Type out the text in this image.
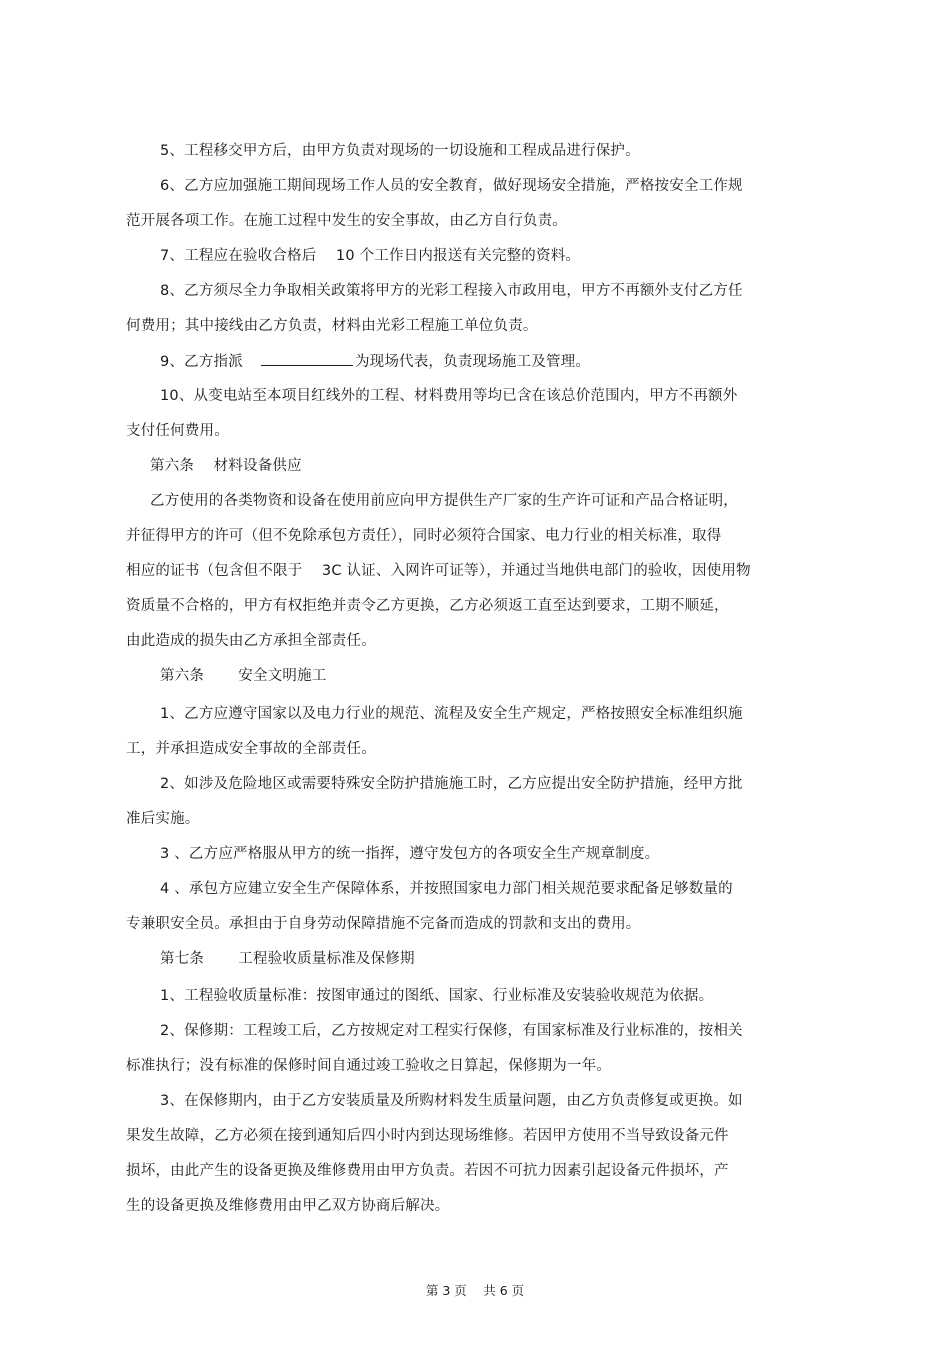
5、工程移交甲方后，由甲方负责对现场的一切设施和工程成品进行保护。
6、乙方应加强施工期间现场工作人员的安全教育，做好现场安全措施，严格按安全工作规
范开展各项工作。在施工过程中发生的安全事故，由乙方自行负责。
7、工程应在验收合格后　 10 个工作日内报送有关完整的资料。
8、乙方须尽全力争取相关政策将甲方的光彩工程接入市政用电，甲方不再额外支付乙方任
何费用；其中接线由乙方负责，材料由光彩工程施工单位负责。
9、乙方指派	为现场代表，负责现场施工及管理。
10、从变电站至本项目红线外的工程、材料费用等均已含在该总价范围内，甲方不再额外
支付任何费用。
第六条　 材料设备供应
乙方使用的各类物资和设备在使用前应向甲方提供生产厂家的生产许可证和产品合格证明，
并征得甲方的许可（但不免除承包方责任），同时必须符合国家、电力行业的相关标准，取得
相应的证书（包含但不限于　 3C 认证、入网许可证等），并通过当地供电部门的验收，因使用物
资质量不合格的，甲方有权拒绝并责令乙方更换，乙方必须返工直至达到要求，工期不顺延，
由此造成的损失由乙方承担全部责任。
第六条　　 安全文明施工
1、乙方应遵守国家以及电力行业的规范、流程及安全生产规定，严格按照安全标准组织施
工，并承担造成安全事故的全部责任。
2、如涉及危险地区或需要特殊安全防护措施施工时，乙方应提出安全防护措施，经甲方批
准后实施。
3 、乙方应严格服从甲方的统一指挥，遵守发包方的各项安全生产规章制度。
4 、承包方应建立安全生产保障体系，并按照国家电力部门相关规范要求配备足够数量的
专兼职安全员。承担由于自身劳动保障措施不完备而造成的罚款和支出的费用。
第七条　　 工程验收质量标准及保修期
1、工程验收质量标准：按图审通过的图纸、国家、行业标准及安装验收规范为依据。
2、保修期：工程竣工后，乙方按规定对工程实行保修，有国家标准及行业标准的，按相关
标准执行；没有标准的保修时间自通过竣工验收之日算起，保修期为一年。
3、在保修期内，由于乙方安装质量及所购材料发生质量问题，由乙方负责修复或更换。如
果发生故障，乙方必须在接到通知后四小时内到达现场维修。若因甲方使用不当导致设备元件
损坏，由此产生的设备更换及维修费用由甲方负责。若因不可抗力因素引起设备元件损坏，产
生的设备更换及维修费用由甲乙双方协商后解决。
第 3 页　 共 6 页
